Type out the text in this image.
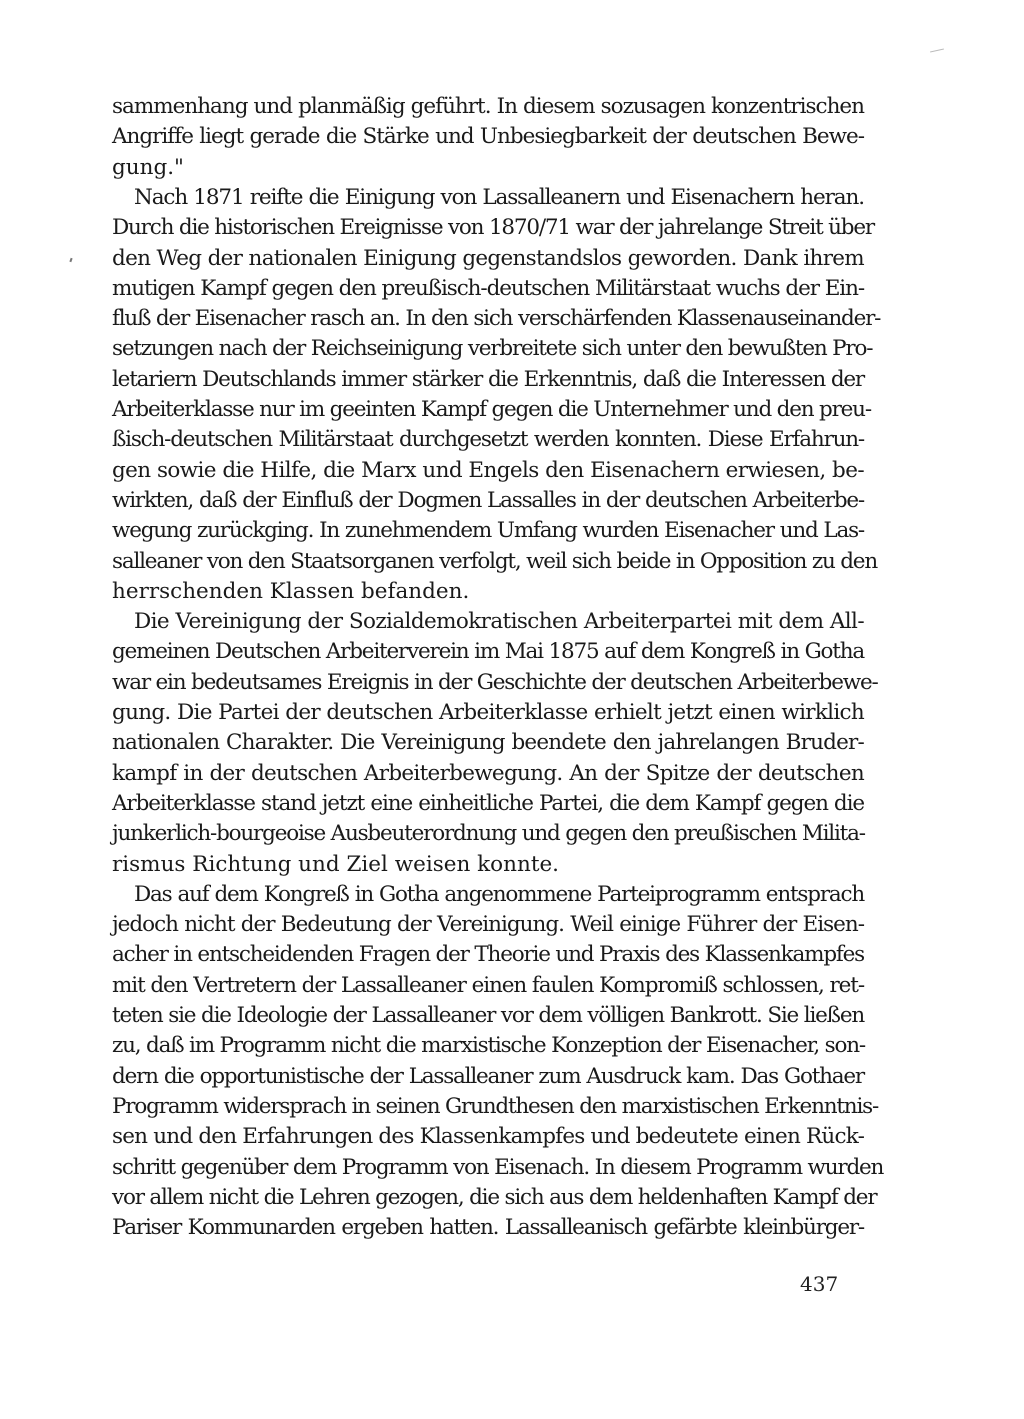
sammenhang und planmäßig geführt. In diesem sozusagen konzentrischen
Angriffe liegt gerade die Stärke und Unbesiegbarkeit der deutschen Bewe-
gung."
Nach 1871 reifte die Einigung von Lassalleanern und Eisenachern heran.
Durch die historischen Ereignisse von 1870/71 war der jahrelange Streit über
den Weg der nationalen Einigung gegenstandslos geworden. Dank ihrem
mutigen Kampf gegen den preußisch-deutschen Militärstaat wuchs der Ein-
fluß der Eisenacher rasch an. In den sich verschärfenden Klassenauseinander-
setzungen nach der Reichseinigung verbreitete sich unter den bewußten Pro-
letariern Deutschlands immer stärker die Erkenntnis, daß die Interessen der
Arbeiterklasse nur im geeinten Kampf gegen die Unternehmer und den preu-
ßisch-deutschen Militärstaat durchgesetzt werden konnten. Diese Erfahrun-
gen sowie die Hilfe, die Marx und Engels den Eisenachern erwiesen, be-
wirkten, daß der Einfluß der Dogmen Lassalles in der deutschen Arbeiterbe-
wegung zurückging. In zunehmendem Umfang wurden Eisenacher und Las-
salleaner von den Staatsorganen verfolgt, weil sich beide in Opposition zu den
herrschenden Klassen befanden.
Die Vereinigung der Sozialdemokratischen Arbeiterpartei mit dem All-
gemeinen Deutschen Arbeiterverein im Mai 1875 auf dem Kongreß in Gotha
war ein bedeutsames Ereignis in der Geschichte der deutschen Arbeiterbewe-
gung. Die Partei der deutschen Arbeiterklasse erhielt jetzt einen wirklich
nationalen Charakter. Die Vereinigung beendete den jahrelangen Bruder-
kampf in der deutschen Arbeiterbewegung. An der Spitze der deutschen
Arbeiterklasse stand jetzt eine einheitliche Partei, die dem Kampf gegen die
junkerlich-bourgeoise Ausbeuterordnung und gegen den preußischen Milita-
rismus Richtung und Ziel weisen konnte.
Das auf dem Kongreß in Gotha angenommene Parteiprogramm entsprach
jedoch nicht der Bedeutung der Vereinigung. Weil einige Führer der Eisen-
acher in entscheidenden Fragen der Theorie und Praxis des Klassenkampfes
mit den Vertretern der Lassalleaner einen faulen Kompromiß schlossen, ret-
teten sie die Ideologie der Lassalleaner vor dem völligen Bankrott. Sie ließen
zu, daß im Programm nicht die marxistische Konzeption der Eisenacher, son-
dern die opportunistische der Lassalleaner zum Ausdruck kam. Das Gothaer
Programm widersprach in seinen Grundthesen den marxistischen Erkenntnis-
sen und den Erfahrungen des Klassenkampfes und bedeutete einen Rück-
schritt gegenüber dem Programm von Eisenach. In diesem Programm wurden
vor allem nicht die Lehren gezogen, die sich aus dem heldenhaften Kampf der
Pariser Kommunarden ergeben hatten. Lassalleanisch gefärbte kleinbürger-
437
